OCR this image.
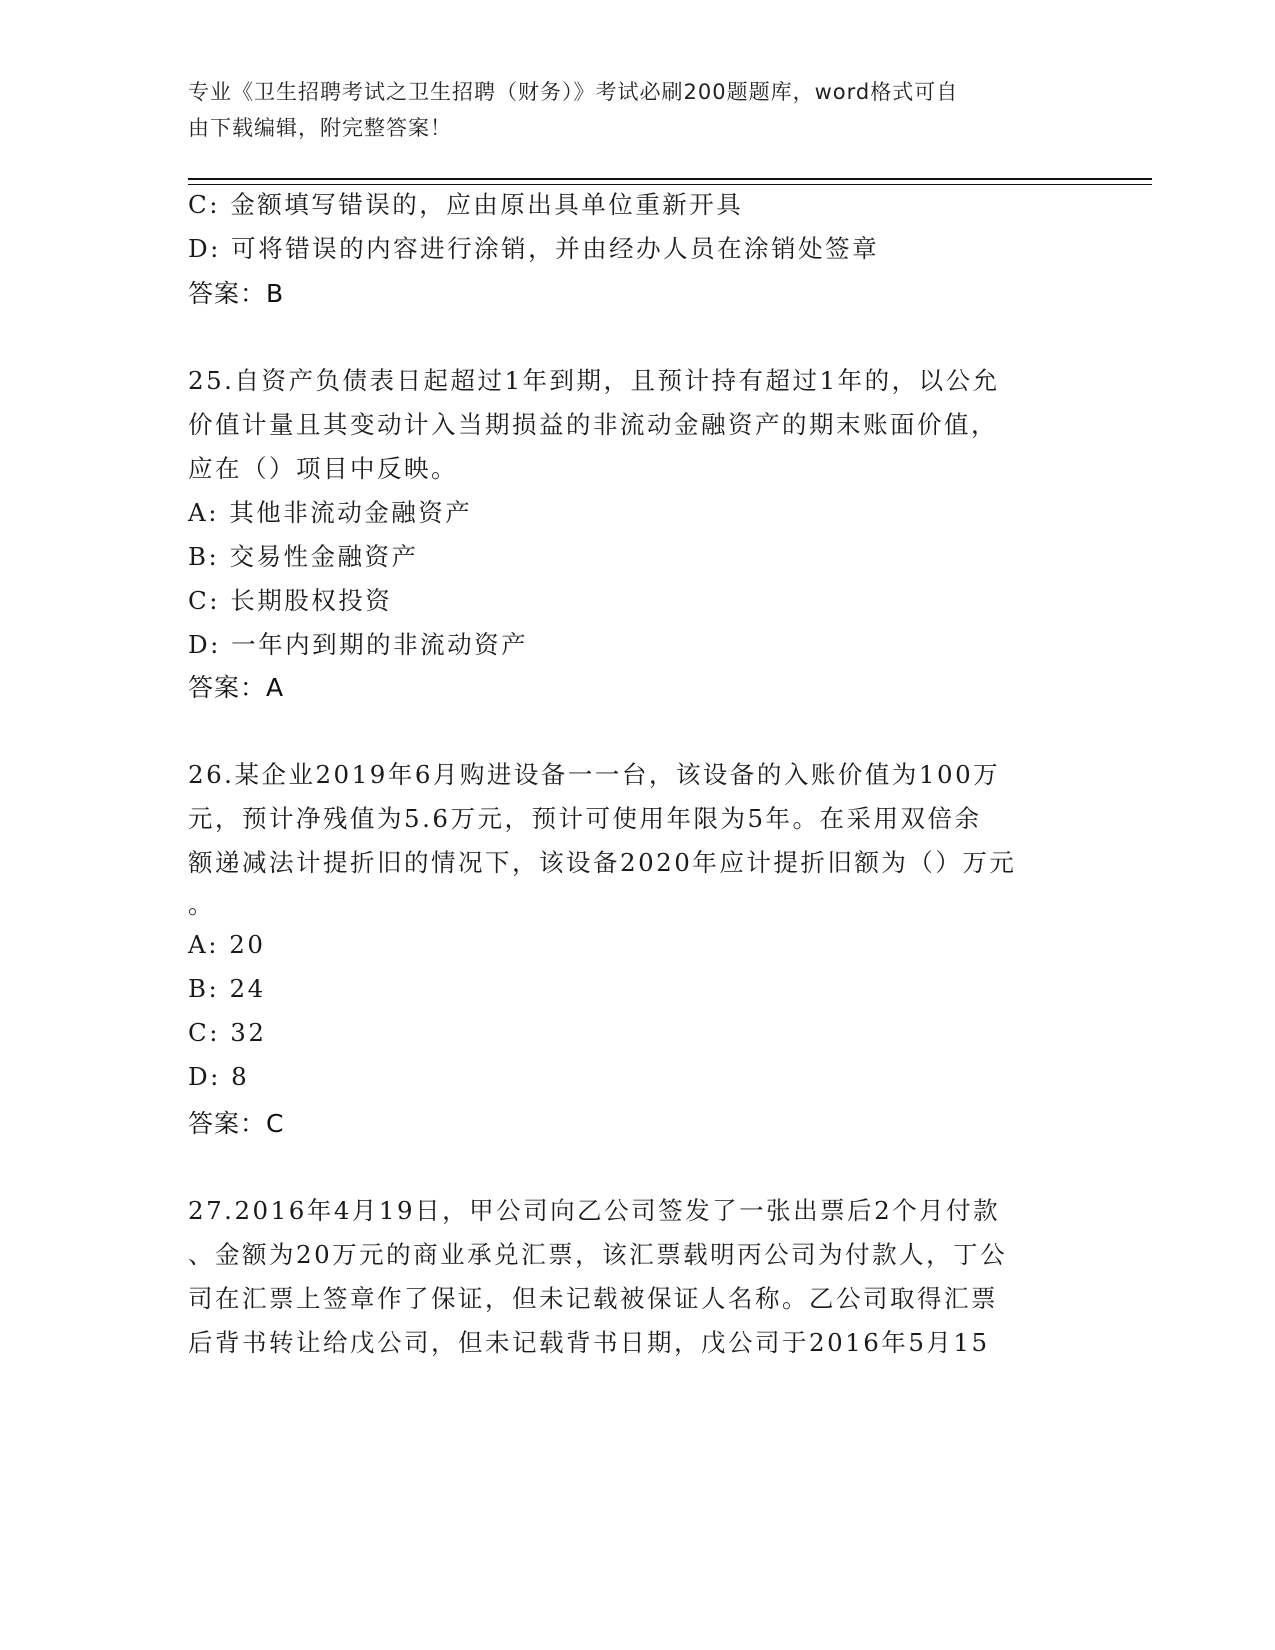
专业《卫生招聘考试之卫生招聘（财务）》考试必刷200题题库，word格式可自
由下载编辑，附完整答案！
C: 金额填写错误的，应由原出具单位重新开具
D: 可将错误的内容进行涂销，并由经办人员在涂销处签章
答案：B
25.自资产负债表日起超过1年到期，且预计持有超过1年的，以公允
价值计量且其变动计入当期损益的非流动金融资产的期末账面价值，
应在（）项目中反映。
A: 其他非流动金融资产
B: 交易性金融资产
C: 长期股权投资
D: 一年内到期的非流动资产
答案：A
26.某企业2019年6月购进设备一一台，该设备的入账价值为100万
元，预计净残值为5.6万元，预计可使用年限为5年。在采用双倍余
额递减法计提折旧的情况下，该设备2020年应计提折旧额为（）万元
。
A: 20
B: 24
C: 32
D: 8
答案：C
27.2016年4月19日，甲公司向乙公司签发了一张出票后2个月付款
、金额为20万元的商业承兑汇票，该汇票载明丙公司为付款人，丁公
司在汇票上签章作了保证，但未记载被保证人名称。乙公司取得汇票
后背书转让给戊公司，但未记载背书日期，戊公司于2016年5月15
